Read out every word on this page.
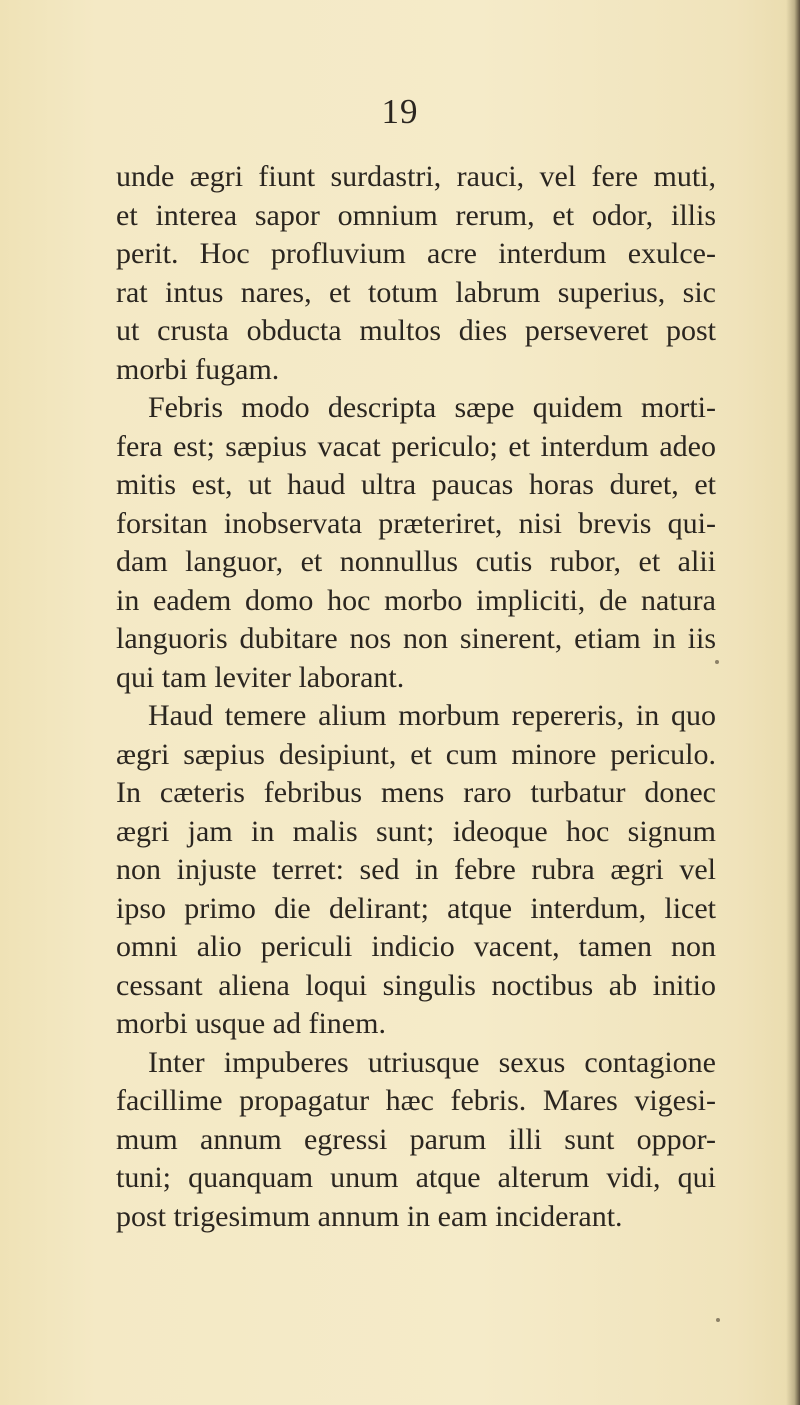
19
unde ægri fiunt surdastri, rauci, vel fere muti,
et interea sapor omnium rerum, et odor, illis
perit. Hoc profluvium acre interdum exulce-
rat intus nares, et totum labrum superius, sic
ut crusta obducta multos dies perseveret post
morbi fugam.
Febris modo descripta sæpe quidem morti-
fera est; sæpius vacat periculo; et interdum adeo
mitis est, ut haud ultra paucas horas duret, et
forsitan inobservata præteriret, nisi brevis qui-
dam languor, et nonnullus cutis rubor, et alii
in eadem domo hoc morbo impliciti, de natura
languoris dubitare nos non sinerent, etiam in iis
qui tam leviter laborant.
Haud temere alium morbum repereris, in quo
ægri sæpius desipiunt, et cum minore periculo.
In cæteris febribus mens raro turbatur donec
ægri jam in malis sunt; ideoque hoc signum
non injuste terret: sed in febre rubra ægri vel
ipso primo die delirant; atque interdum, licet
omni alio periculi indicio vacent, tamen non
cessant aliena loqui singulis noctibus ab initio
morbi usque ad finem.
Inter impuberes utriusque sexus contagione
facillime propagatur hæc febris. Mares vigesi-
mum annum egressi parum illi sunt oppor-
tuni; quanquam unum atque alterum vidi, qui
post trigesimum annum in eam inciderant.
